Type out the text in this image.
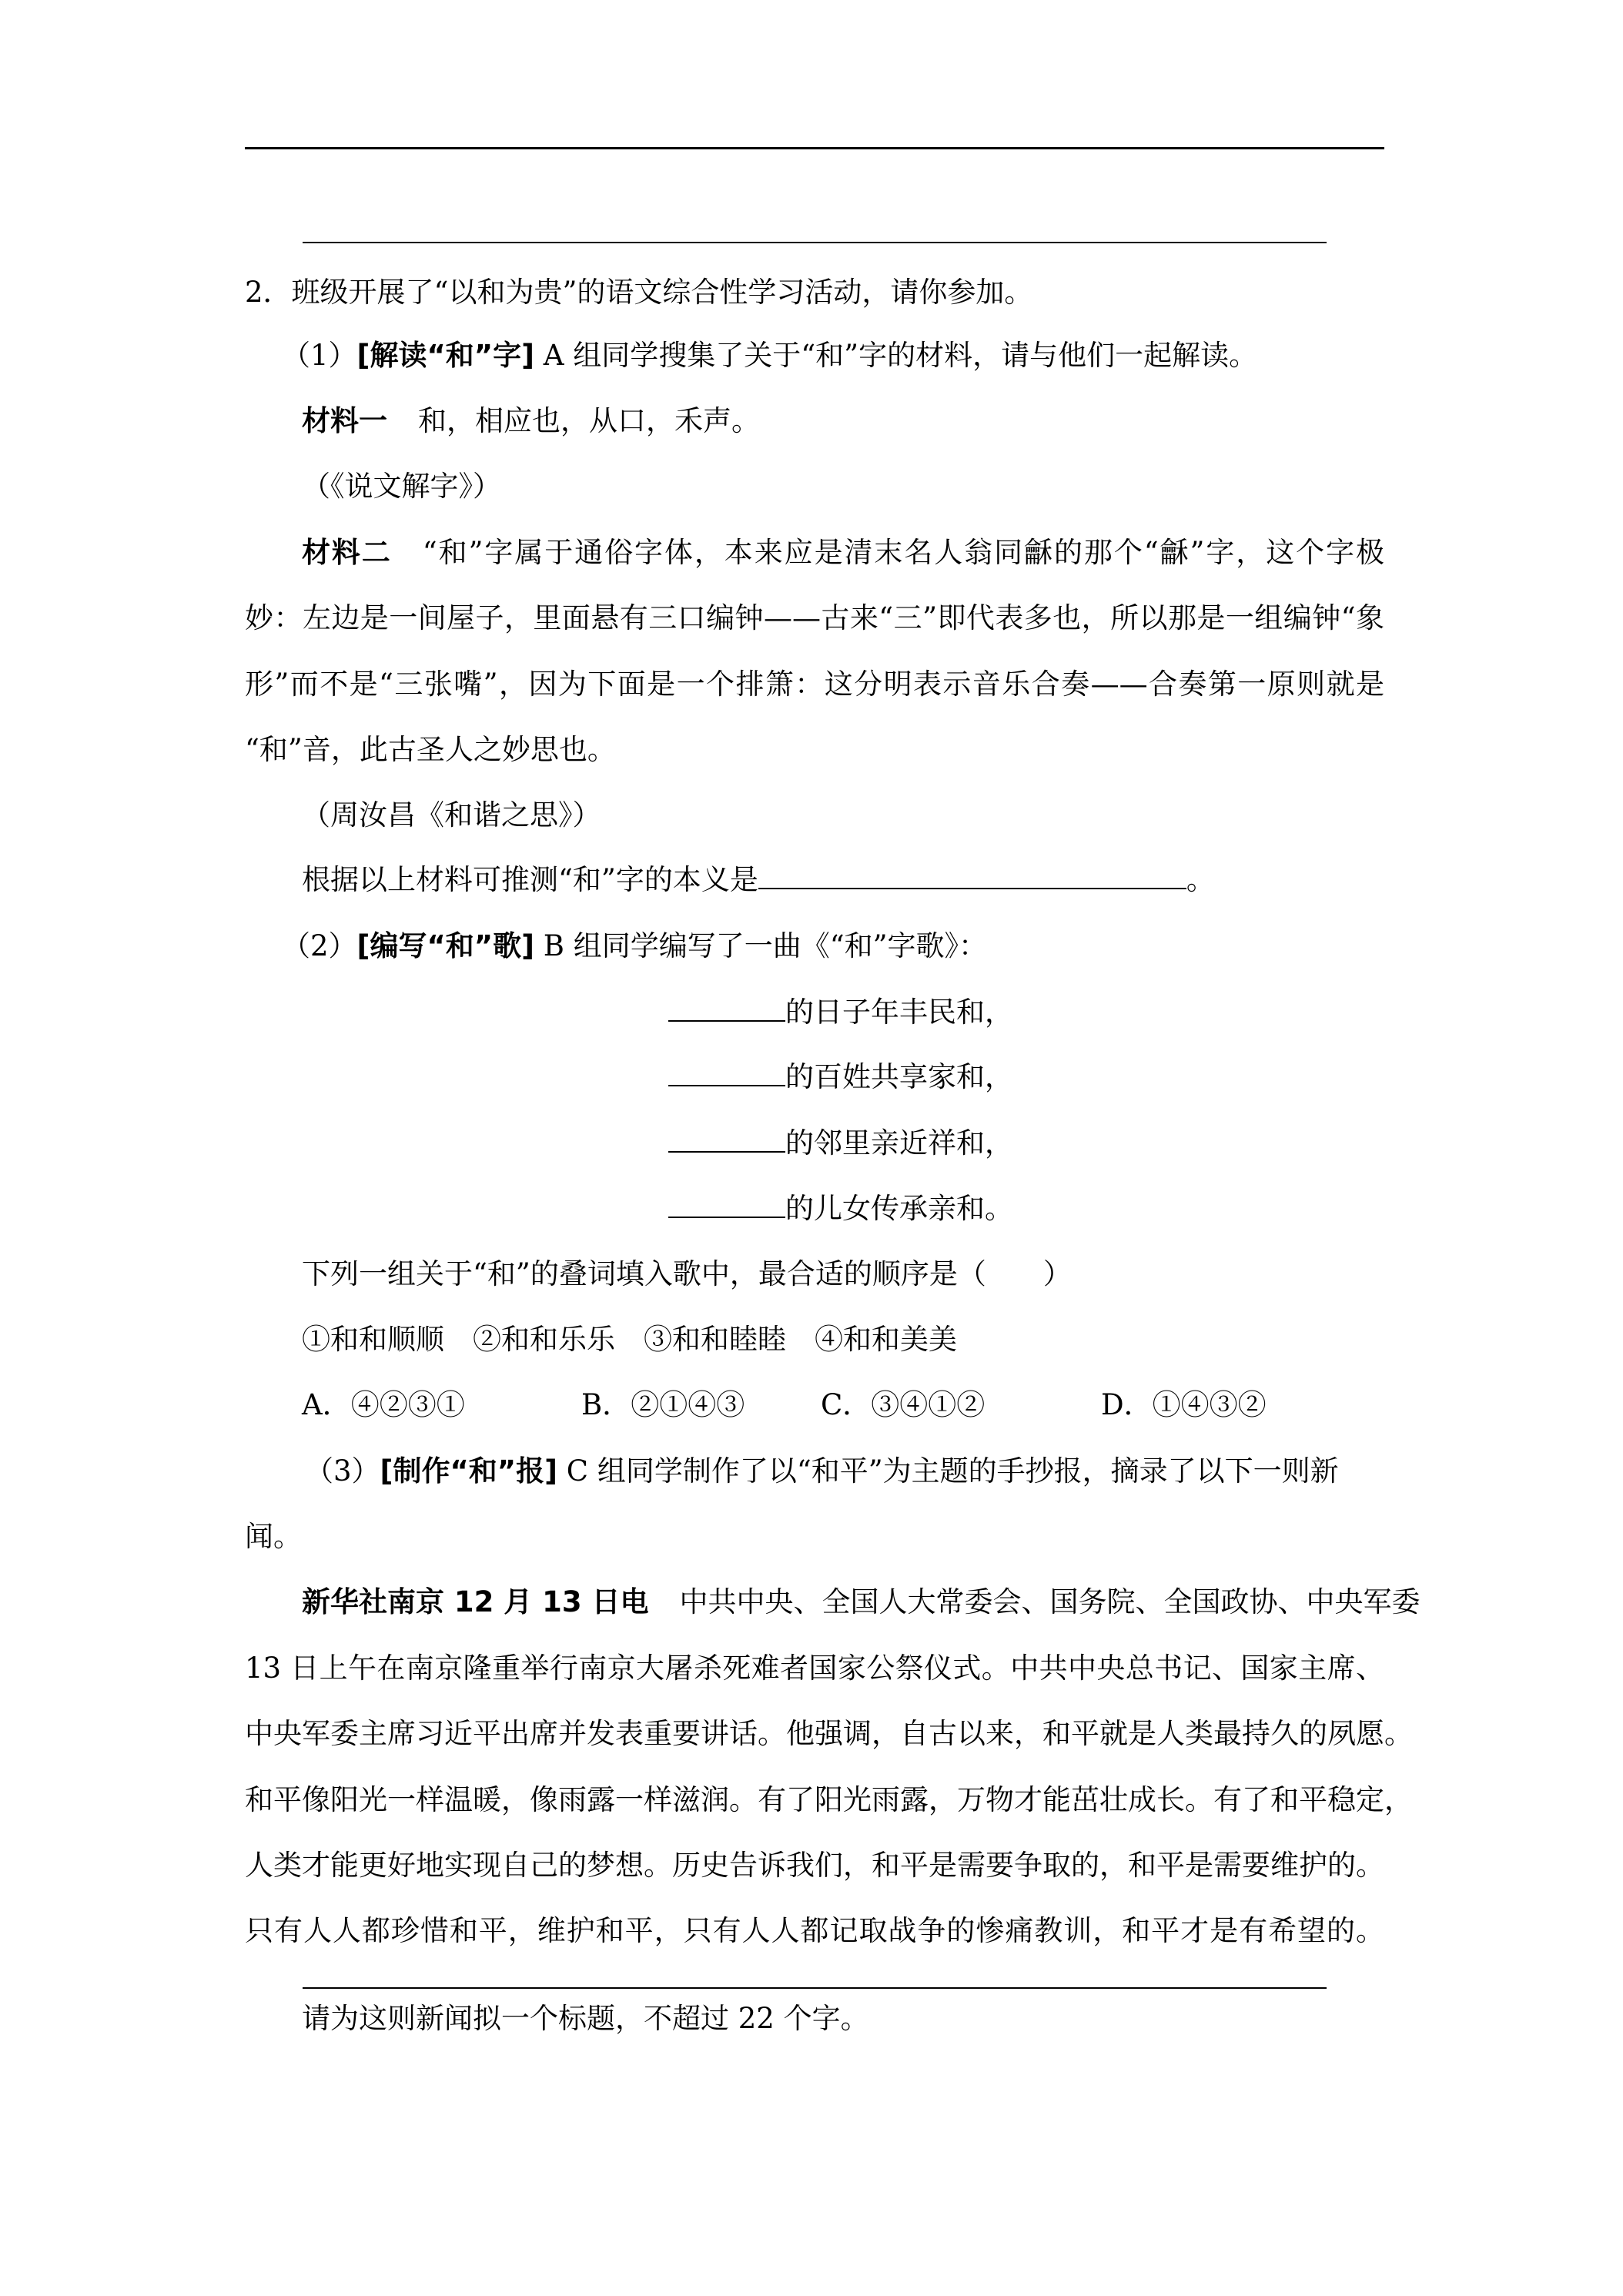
2．班级开展了“以和为贵”的语文综合性学习活动，请你参加。
（1）[解读“和”字] A 组同学搜集了关于“和”字的材料，请与他们一起解读。
材料一 和，相应也，从口，禾声。
（《说文解字》）
材料二 “和”字属于通俗字体，本来应是清末名人翁同龢的那个“龢”字，这个字极
妙：左边是一间屋子，里面悬有三口编钟——古来“三”即代表多也，所以那是一组编钟“象
形”而不是“三张嘴”，因为下面是一个排箫：这分明表示音乐合奏——合奏第一原则就是
“和”音，此古圣人之妙思也。
（周汝昌《和谐之思》）
根据以上材料可推测“和”字的本义是	。
（2）[编写“和”歌] B 组同学编写了一曲《“和”字歌》：
的日子年丰民和，
的百姓共享家和，
的邻里亲近祥和，
的儿女传承亲和。
下列一组关于“和”的叠词填入歌中，最合适的顺序是（　　）
①和和顺顺　②和和乐乐　③和和睦睦　④和和美美
A．④②③①	B．②①④③	C．③④①②	D．①④③②
（3）[制作“和”报] C 组同学制作了以“和平”为主题的手抄报，摘录了以下一则新
闻。
新华社南京 12 月 13 日电 中共中央、全国人大常委会、国务院、全国政协、中央军委
13 日上午在南京隆重举行南京大屠杀死难者国家公祭仪式。中共中央总书记、国家主席、
中央军委主席习近平出席并发表重要讲话。他强调，自古以来，和平就是人类最持久的夙愿。
和平像阳光一样温暖，像雨露一样滋润。有了阳光雨露，万物才能茁壮成长。有了和平稳定，
人类才能更好地实现自己的梦想。历史告诉我们，和平是需要争取的，和平是需要维护的。
只有人人都珍惜和平，维护和平，只有人人都记取战争的惨痛教训，和平才是有希望的。
请为这则新闻拟一个标题，不超过 22 个字。
